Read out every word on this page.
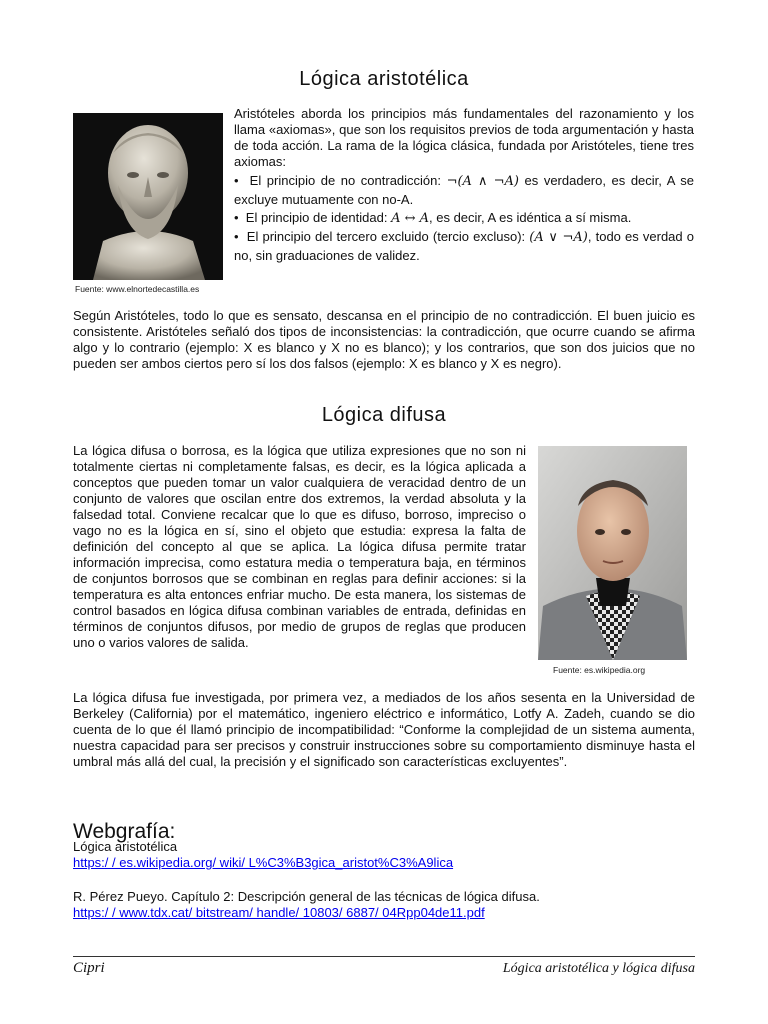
Lógica aristotélica
Fuente: www.elnortedecastilla.es
Aristóteles aborda los principios más fundamentales del razonamiento y los llama «axiomas», que son los requisitos previos de toda argumentación y hasta de toda acción. La rama de la lógica clásica, fundada por Aristóteles, tiene tres axiomas:
•  El principio de no contradicción: ¬(A ∧ ¬A) es verdadero, es decir, A se excluye mutuamente con no-A.
•  El principio de identidad: A ↔ A, es decir, A es idéntica a sí misma.
•  El principio del tercero excluido (tercio excluso): (A ∨ ¬A), todo es verdad o no, sin graduaciones de validez.

Según Aristóteles, todo lo que es sensato, descansa en el principio de no contradicción. El buen juicio es consistente. Aristóteles señaló dos tipos de inconsistencias: la contradicción, que ocurre cuando se afirma algo y lo contrario (ejemplo: X es blanco y X no es blanco); y los contrarios, que son dos juicios que no pueden ser ambos ciertos pero sí los dos falsos (ejemplo: X es blanco y X es negro).

Lógica difusa

La lógica difusa o borrosa, es la lógica que utiliza expresiones que no son ni totalmente ciertas ni completamente falsas, es decir, es la lógica aplicada a conceptos que pueden tomar un valor cualquiera de veracidad dentro de un conjunto de valores que oscilan entre dos extremos, la verdad absoluta y la falsedad total. Conviene recalcar que lo que es difuso, borroso, impreciso o vago no es la lógica en sí, sino el objeto que estudia: expresa la falta de definición del concepto al que se aplica. La lógica difusa permite tratar información imprecisa, como estatura media o temperatura baja, en términos de conjuntos borrosos que se combinan en reglas para definir acciones: si la temperatura es alta entonces enfriar mucho. De esta manera, los sistemas de control basados en lógica difusa combinan variables de entrada, definidas en términos de conjuntos difusos, por medio de grupos de reglas que producen uno o varios valores de salida.

Fuente: es.wikipedia.org

La lógica difusa fue investigada, por primera vez, a mediados de los años sesenta en la Universidad de Berkeley (California) por el matemático, ingeniero eléctrico e informático, Lotfy A. Zadeh, cuando se dio cuenta de lo que él llamó principio de incompatibilidad: “Conforme la complejidad de un sistema aumenta, nuestra capacidad para ser precisos y construir instrucciones sobre su comportamiento disminuye hasta el umbral más allá del cual, la precisión y el significado son características excluyentes”.

Webgrafía:
Lógica aristotélica
https:/ / es.wikipedia.org/ wiki/ L%C3%B3gica_aristot%C3%A9lica
R. Pérez Pueyo. Capítulo 2: Descripción general de las técnicas de lógica difusa.
https:/ / www.tdx.cat/ bitstream/ handle/ 10803/ 6887/ 04Rpp04de11.pdf
Cipri	Lógica aristotélica y lógica difusa
